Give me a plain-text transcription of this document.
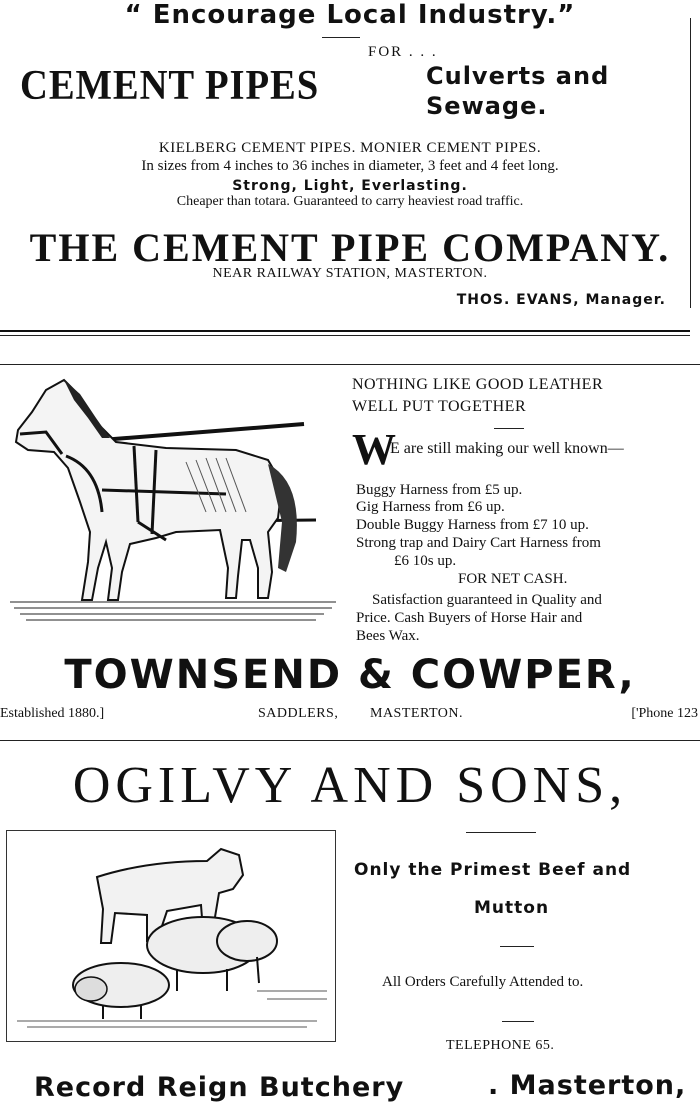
“ Encourage Local Industry.”
FOR . . .
CEMENT PIPES	Culverts and
Sewage.
KIELBERG CEMENT PIPES. MONIER CEMENT PIPES.
In sizes from 4 inches to 36 inches in diameter, 3 feet and 4 feet long.
Strong, Light, Everlasting.
Cheaper than totara. Guaranteed to carry heaviest road traffic.
THE CEMENT PIPE COMPANY.
NEAR RAILWAY STATION, MASTERTON.
THOS. EVANS, Manager.
NOTHING LIKE GOOD LEATHER
WELL PUT TOGETHER
W
E are still making our well known—
Buggy Harness from £5 up.
Gig Harness from £6 up.
Double Buggy Harness from £7 10 up.
Strong trap and Dairy Cart Harness from
£6 10s up.
FOR NET CASH.
Satisfaction guaranteed in Quality and
Price. Cash Buyers of Horse Hair and
Bees Wax.
TOWNSEND & COWPER,
Established 1880.]	SADDLERS, MASTERTON.	['Phone 123
OGILVY AND SONS,
Only the Primest Beef and
Mutton
All Orders Carefully Attended to.
TELEPHONE 65.
Record Reign Butchery	. Masterton,
